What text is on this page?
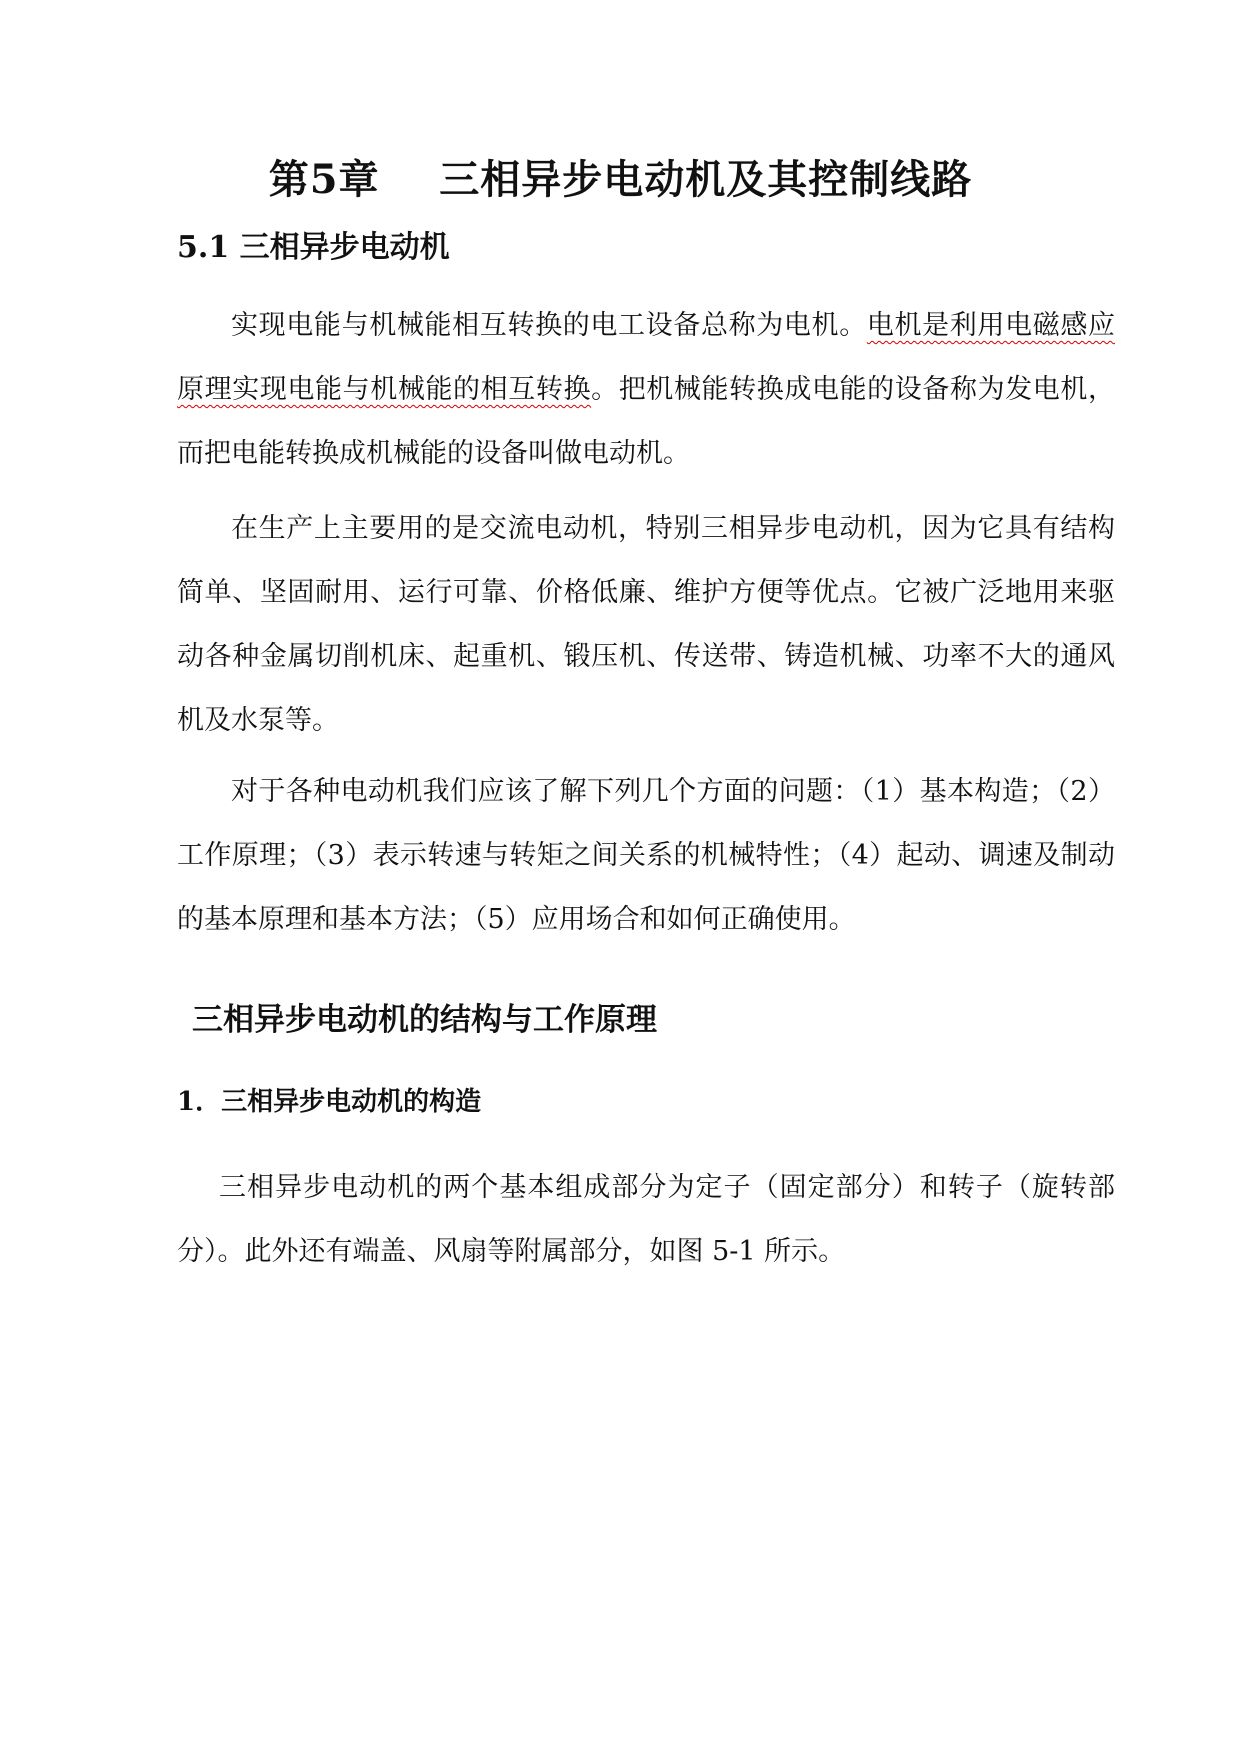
第5章    三相异步电动机及其控制线路
5.1 三相异步电动机

实现电能与机械能相互转换的电工设备总称为电机。电机是利用电磁感应原理实现电能与机械能的相互转换。把机械能转换成电能的设备称为发电机，而把电能转换成机械能的设备叫做电动机。

在生产上主要用的是交流电动机，特别三相异步电动机，因为它具有结构简单、坚固耐用、运行可靠、价格低廉、维护方便等优点。它被广泛地用来驱动各种金属切削机床、起重机、锻压机、传送带、铸造机械、功率不大的通风机及水泵等。

对于各种电动机我们应该了解下列几个方面的问题：（1）基本构造；（2）工作原理；（3）表示转速与转矩之间关系的机械特性；（4）起动、调速及制动的基本原理和基本方法；（5）应用场合和如何正确使用。

三相异步电动机的结构与工作原理
1．三相异步电动机的构造

三相异步电动机的两个基本组成部分为定子（固定部分）和转子（旋转部分）。此外还有端盖、风扇等附属部分，如图 5-1 所示。
